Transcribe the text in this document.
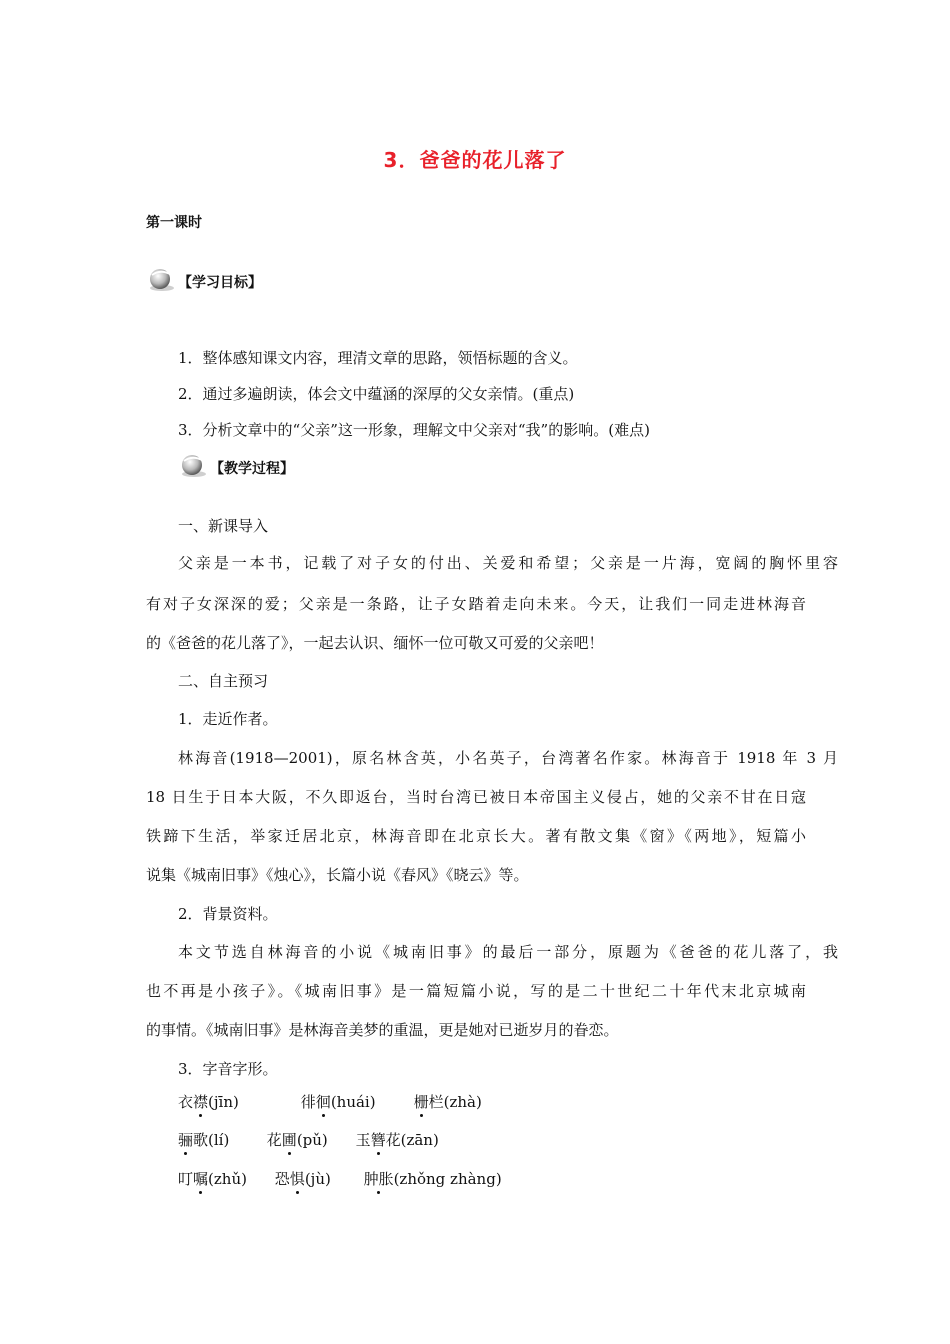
3．爸爸的花儿落了
第一课时
【学习目标】
1．整体感知课文内容，理清文章的思路，领悟标题的含义。
2．通过多遍朗读，体会文中蕴涵的深厚的父女亲情。(重点)
3．分析文章中的“父亲”这一形象，理解文中父亲对“我”的影响。(难点)
【教学过程】
一、新课导入
父亲是一本书，记载了对子女的付出、关爱和希望；父亲是一片海，宽阔的胸怀里容
有对子女深深的爱；父亲是一条路，让子女踏着走向未来。今天，让我们一同走进林海音
的《爸爸的花儿落了》，一起去认识、缅怀一位可敬又可爱的父亲吧！
二、自主预习
1．走近作者。
林海音(1918—2001)，原名林含英，小名英子，台湾著名作家。林海音于 1918 年 3 月
18 日生于日本大阪，不久即返台，当时台湾已被日本帝国主义侵占，她的父亲不甘在日寇
铁蹄下生活，举家迁居北京，林海音即在北京长大。著有散文集《窗》《两地》，短篇小
说集《城南旧事》《烛心》，长篇小说《春风》《晓云》等。
2．背景资料。
本文节选自林海音的小说《城南旧事》的最后一部分，原题为《爸爸的花儿落了，我
也不再是小孩子》。《城南旧事》是一篇短篇小说，写的是二十世纪二十年代末北京城南
的事情。《城南旧事》是林海音美梦的重温，更是她对已逝岁月的眷恋。
3．字音字形。
衣襟(jīn)	徘徊(huái)	栅栏(zhà)
骊歌(lí) 花圃(pǔ) 玉簪花(zān)
叮嘱(zhǔ) 恐惧(jù) 肿胀(zhǒng zhàng)
